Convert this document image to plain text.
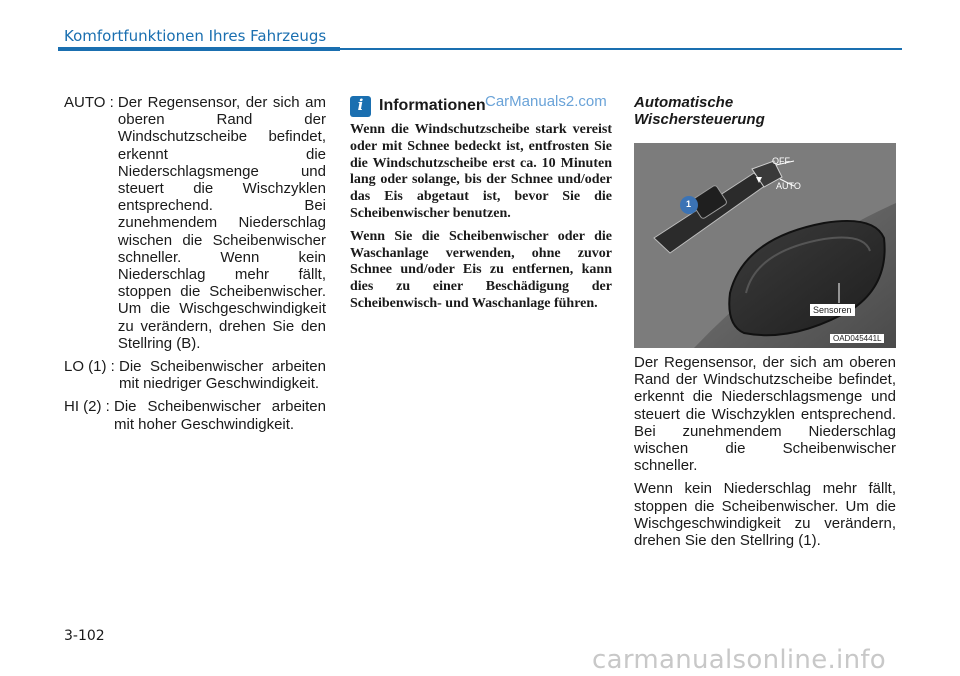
Komfortfunktionen Ihres Fahrzeugs
AUTO : Der Regensensor, der sich am oberen Rand der Windschutzscheibe befindet, erkennt die Niederschlagsmenge und steuert die Wischzyklen entsprechend. Bei zunehmendem Niederschlag wischen die Scheibenwischer schneller. Wenn kein Niederschlag mehr fällt, stoppen die Scheibenwischer. Um die Wischgeschwindigkeit zu verändern, drehen Sie den Stellring (B).
LO (1) : Die Scheibenwischer arbeiten mit niedriger Geschwindigkeit.
HI (2) : Die Scheibenwischer arbeiten mit hoher Geschwindigkeit.
i Informationen

Wenn die Windschutzscheibe stark vereist oder mit Schnee bedeckt ist, entfrosten Sie die Windschutzscheibe erst ca. 10 Minuten lang oder solange, bis der Schnee und/oder das Eis abgetaut ist, bevor Sie die Scheibenwischer benutzen.

Wenn Sie die Scheibenwischer oder die Waschanlage verwenden, ohne zuvor Schnee und/oder Eis zu entfernen, kann dies zu einer Beschädigung der Scheibenwisch- und Waschanlage führen.

CarManuals2.com Automatische

Wischersteuerung

OFF
AUTO
1
Sensoren
OAD045441L

Der Regensensor, der sich am oberen Rand der Windschutzscheibe befindet, erkennt die Niederschlagsmenge und steuert die Wischzyklen entsprechend. Bei zunehmendem Niederschlag wischen die Scheibenwischer schneller.

Wenn kein Niederschlag mehr fällt, stoppen die Scheibenwischer. Um die Wischgeschwindigkeit zu verändern, drehen Sie den Stellring (1).

3-102
carmanualsonline.info
